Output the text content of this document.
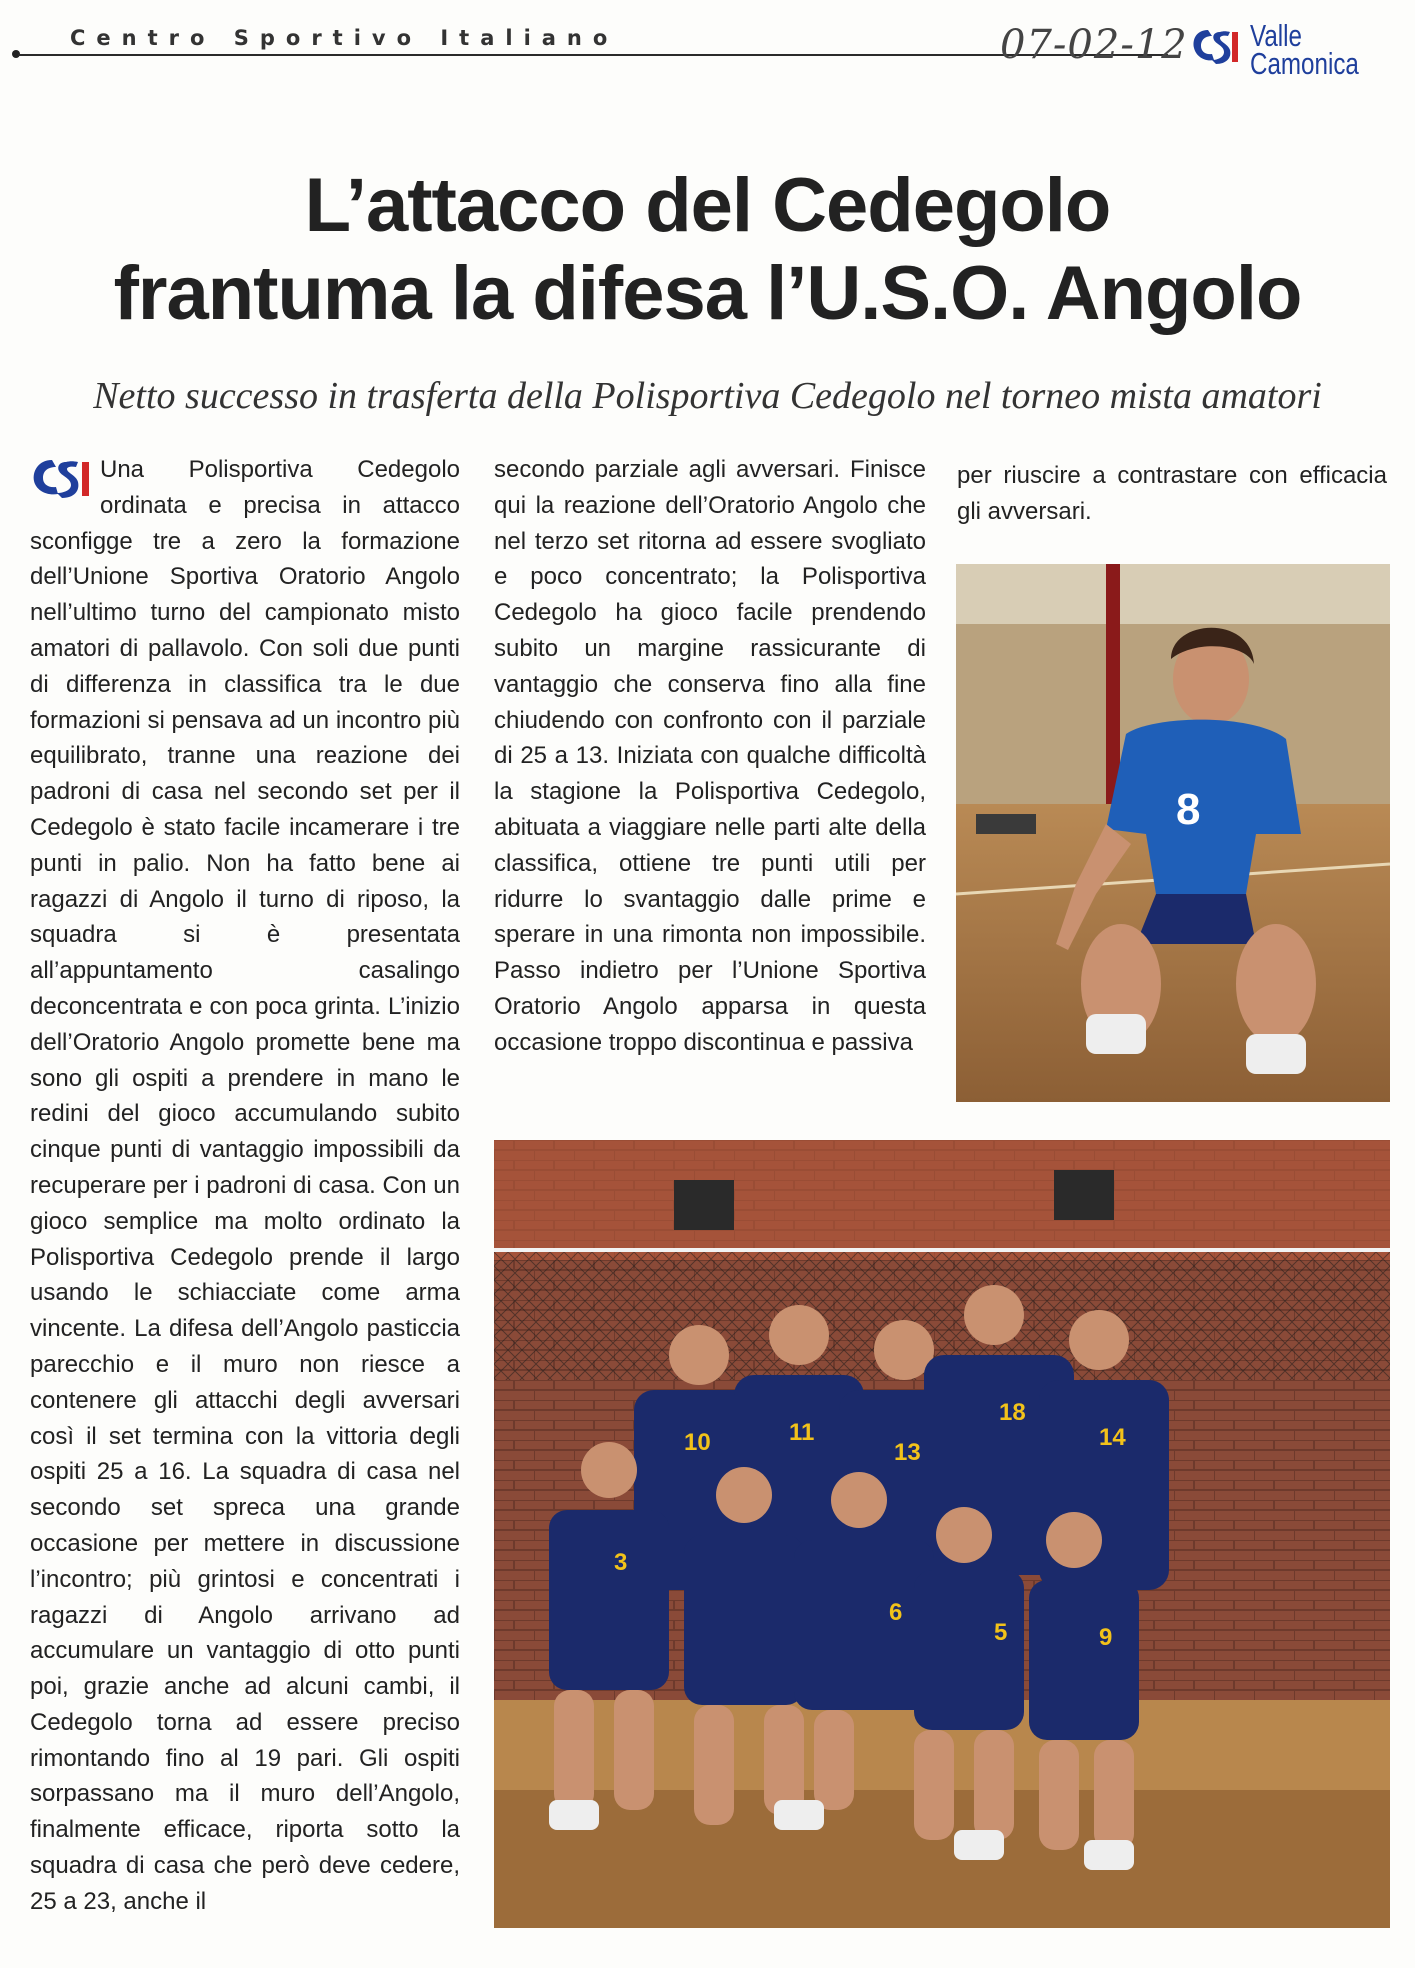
Centro Sportivo Italiano	07-02-12 Valle
Camonica
L’attacco del Cedegolo
frantuma la difesa l’U.S.O. Angolo
Netto successo in trasferta della Polisportiva Cedegolo nel torneo mista amatori

Una Polisportiva Cedegolo ordinata e precisa in attacco sconfigge tre a zero la formazione dell’Unione Sportiva Oratorio Angolo nell’ultimo turno del campionato misto amatori di pallavolo. Con soli due punti di differenza in classifica tra le due formazioni si pensava ad un incontro più equilibrato, tranne una reazione dei padroni di casa nel secondo set per il Cedegolo è stato facile incamerare i tre punti in palio. Non ha fatto bene ai ragazzi di Angolo il turno di riposo, la squadra si è presentata all’appuntamento casalingo deconcentrata e con poca grinta. L’inizio dell’Oratorio Angolo promette bene ma sono gli ospiti a prendere in mano le redini del gioco accumulando subito cinque punti di vantaggio impossibili da recuperare per i padroni di casa. Con un gioco semplice ma molto ordinato la Polisportiva Cedegolo prende il largo usando le schiacciate come arma vincente. La difesa dell’Angolo pasticcia parecchio e il muro non riesce a contenere gli attacchi degli avversari così il set termina con la vittoria degli ospiti 25 a 16. La squadra di casa nel secondo set spreca una grande occasione per mettere in discussione l’incontro; più grintosi e concentrati i ragazzi di Angolo arrivano ad accumulare un vantaggio di otto punti poi, grazie anche ad alcuni cambi, il Cedegolo torna ad essere preciso rimontando fino al 19 pari. Gli ospiti sorpassano ma il muro dell’Angolo, finalmente efficace, riporta sotto la squadra di casa che però deve cedere, 25 a 23, anche il

secondo parziale agli avversari. Finisce qui la reazione dell’Oratorio Angolo che nel terzo set ritorna ad essere svogliato e poco concentrato; la Polisportiva Cedegolo ha gioco facile prendendo subito un margine rassicurante di vantaggio che conserva fino alla fine chiudendo con confronto con il parziale di 25 a 13. Iniziata con qualche difficoltà la stagione la Polisportiva Cedegolo, abituata a viaggiare nelle parti alte della classifica, ottiene tre punti utili per ridurre lo svantaggio dalle prime e sperare in una rimonta non impossibile. Passo indietro per l’Unione Sportiva Oratorio Angolo apparsa in questa occasione troppo discontinua e passiva

per riuscire a contrastare con efficacia gli avversari.

8
10	11
13
18
14
3
6
5	9
